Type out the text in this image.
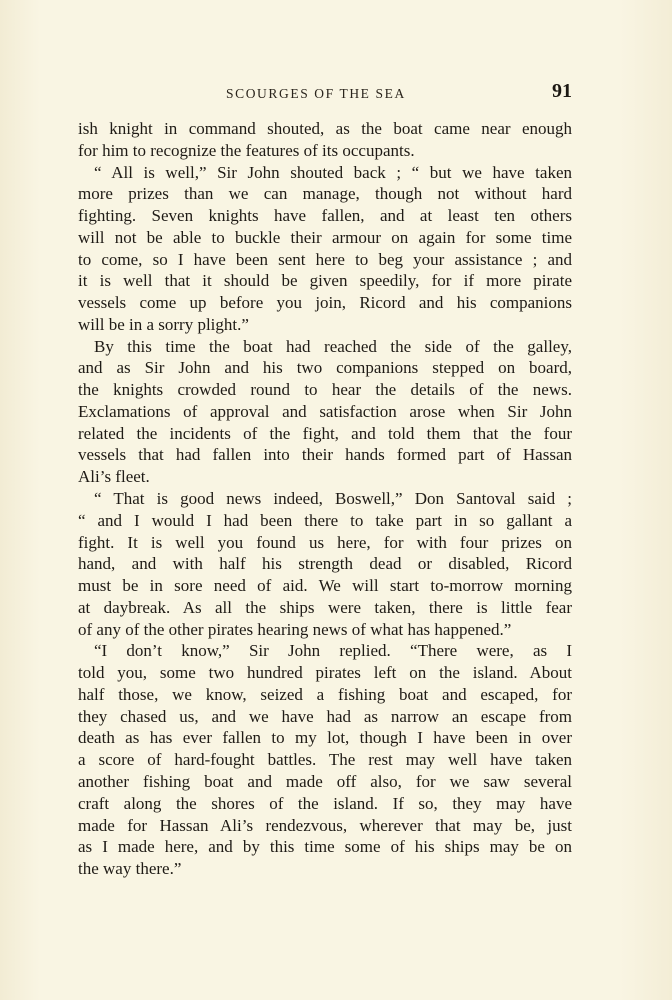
SCOURGES OF THE SEA	91
ish knight in command shouted, as the boat came near enough
for him to recognize the features of its occupants.
“ All is well,” Sir John shouted back ; “ but we have taken
more prizes than we can manage, though not without hard
fighting. Seven knights have fallen, and at least ten others
will not be able to buckle their armour on again for some time
to come, so I have been sent here to beg your assistance ; and
it is well that it should be given speedily, for if more pirate
vessels come up before you join, Ricord and his companions
will be in a sorry plight.”
By this time the boat had reached the side of the galley,
and as Sir John and his two companions stepped on board,
the knights crowded round to hear the details of the news.
Exclamations of approval and satisfaction arose when Sir John
related the incidents of the fight, and told them that the four
vessels that had fallen into their hands formed part of Hassan
Ali’s fleet.
“ That is good news indeed, Boswell,” Don Santoval said ;
“ and I would I had been there to take part in so gallant a
fight. It is well you found us here, for with four prizes on
hand, and with half his strength dead or disabled, Ricord
must be in sore need of aid. We will start to-morrow morning
at daybreak. As all the ships were taken, there is little fear
of any of the other pirates hearing news of what has happened.”
“I don’t know,” Sir John replied. “There were, as I
told you, some two hundred pirates left on the island. About
half those, we know, seized a fishing boat and escaped, for
they chased us, and we have had as narrow an escape from
death as has ever fallen to my lot, though I have been in over
a score of hard-fought battles. The rest may well have taken
another fishing boat and made off also, for we saw several
craft along the shores of the island. If so, they may have
made for Hassan Ali’s rendezvous, wherever that may be, just
as I made here, and by this time some of his ships may be on
the way there.”
